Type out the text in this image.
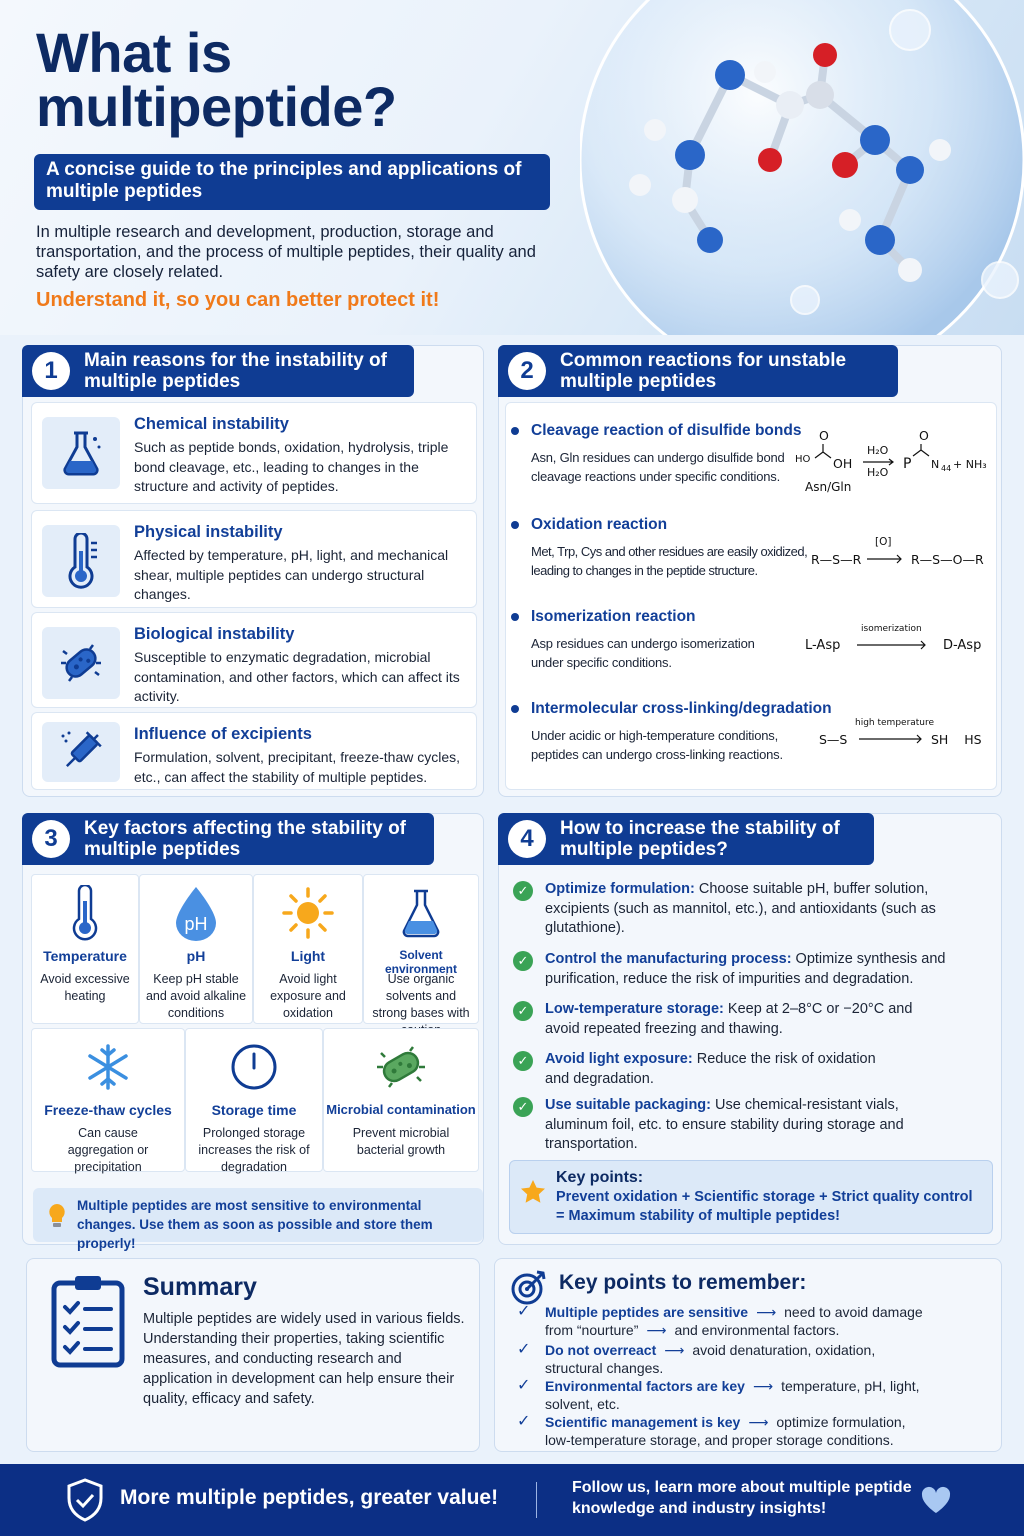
What is multipeptide?
A concise guide to the principles and applications of multiple peptides
In multiple research and development, production, storage and transportation, and the process of multiple peptides, their quality and safety are closely related.
Understand it, so you can better protect it!
1	Main reasons for the instability of multiple peptides
Chemical instability
Such as peptide bonds, oxidation, hydrolysis, triple bond cleavage, etc., leading to changes in the structure and activity of peptides.
Physical instability
Affected by temperature, pH, light, and mechanical shear, multiple peptides can undergo structural changes.
Biological instability
Susceptible to enzymatic degradation, microbial contamination, and other factors, which can affect its activity.
Influence of excipients
Formulation, solvent, precipitant, freeze-thaw cycles, etc., can affect the stability of multiple peptides.
2	Common reactions for unstable multiple peptides
Cleavage reaction of disulfide bonds
Asn, Gln residues can undergo disulfide bond cleavage reactions under specific conditions.
O
HO OH
H₂O
H₂O
P
O
N 44 + NH₃
Asn/Gln
Oxidation reaction
Met, Trp, Cys and other residues are easily oxidized, leading to changes in the peptide structure.
R—S—R
[O]
R—S—O—R
Isomerization reaction
Asp residues can undergo isomerization under specific conditions.
L-Asp
isomerization
D-Asp
Intermolecular cross-linking/degradation
Under acidic or high-temperature conditions, peptides can undergo cross-linking reactions.
S—S
high temperature
SH    HS
3	Key factors affecting the stability of multiple peptides
Temperature
Avoid excessive heating
pH
pH
Keep pH stable and avoid alkaline conditions
Light
Avoid light exposure and oxidation
Solvent environment
Use organic solvents and strong bases with
Freeze-thaw cycles
Can cause aggregation or precipitation
Storage time
Prolonged storage increases the risk of degradation
Microbial contamination
Prevent microbial bacterial growth
Multiple peptides are most sensitive to environmental changes. Use them as soon as possible and store them properly!
4	How to increase the stability of multiple peptides?
✓	Optimize formulation: Choose suitable pH, buffer solution, excipients (such as mannitol, etc.), and antioxidants (such as glutathione).
✓	Control the manufacturing process: Optimize synthesis and purification, reduce the risk of impurities and degradation.
✓	Low-temperature storage: Keep at 2–8°C or −20°C and avoid repeated freezing and thawing.
✓	Avoid light exposure: Reduce the risk of oxidation and degradation.
✓	Use suitable packaging: Use chemical-resistant vials, aluminum foil, etc. to ensure stability during storage and transportation.
Key points:
Prevent oxidation + Scientific storage + Strict quality control
= Maximum stability of multiple peptides!
Summary
Multiple peptides are widely used in various fields. Understanding their properties, taking scientific measures, and conducting research and application in development can help ensure their quality, efficacy and safety.
Key points to remember:
✓ Multiple peptides are sensitive ⟶ need to avoid damage
from “nourture” ⟶ and environmental factors.
✓ Do not overreact ⟶ avoid denaturation, oxidation,
structural changes.
✓ Environmental factors are key ⟶ temperature, pH, light,
solvent, etc.
✓ Scientific management is key ⟶ optimize formulation,
low-temperature storage, and proper storage conditions.
More multiple peptides, greater value!	Follow us, learn more about multiple peptide knowledge and industry insights!
